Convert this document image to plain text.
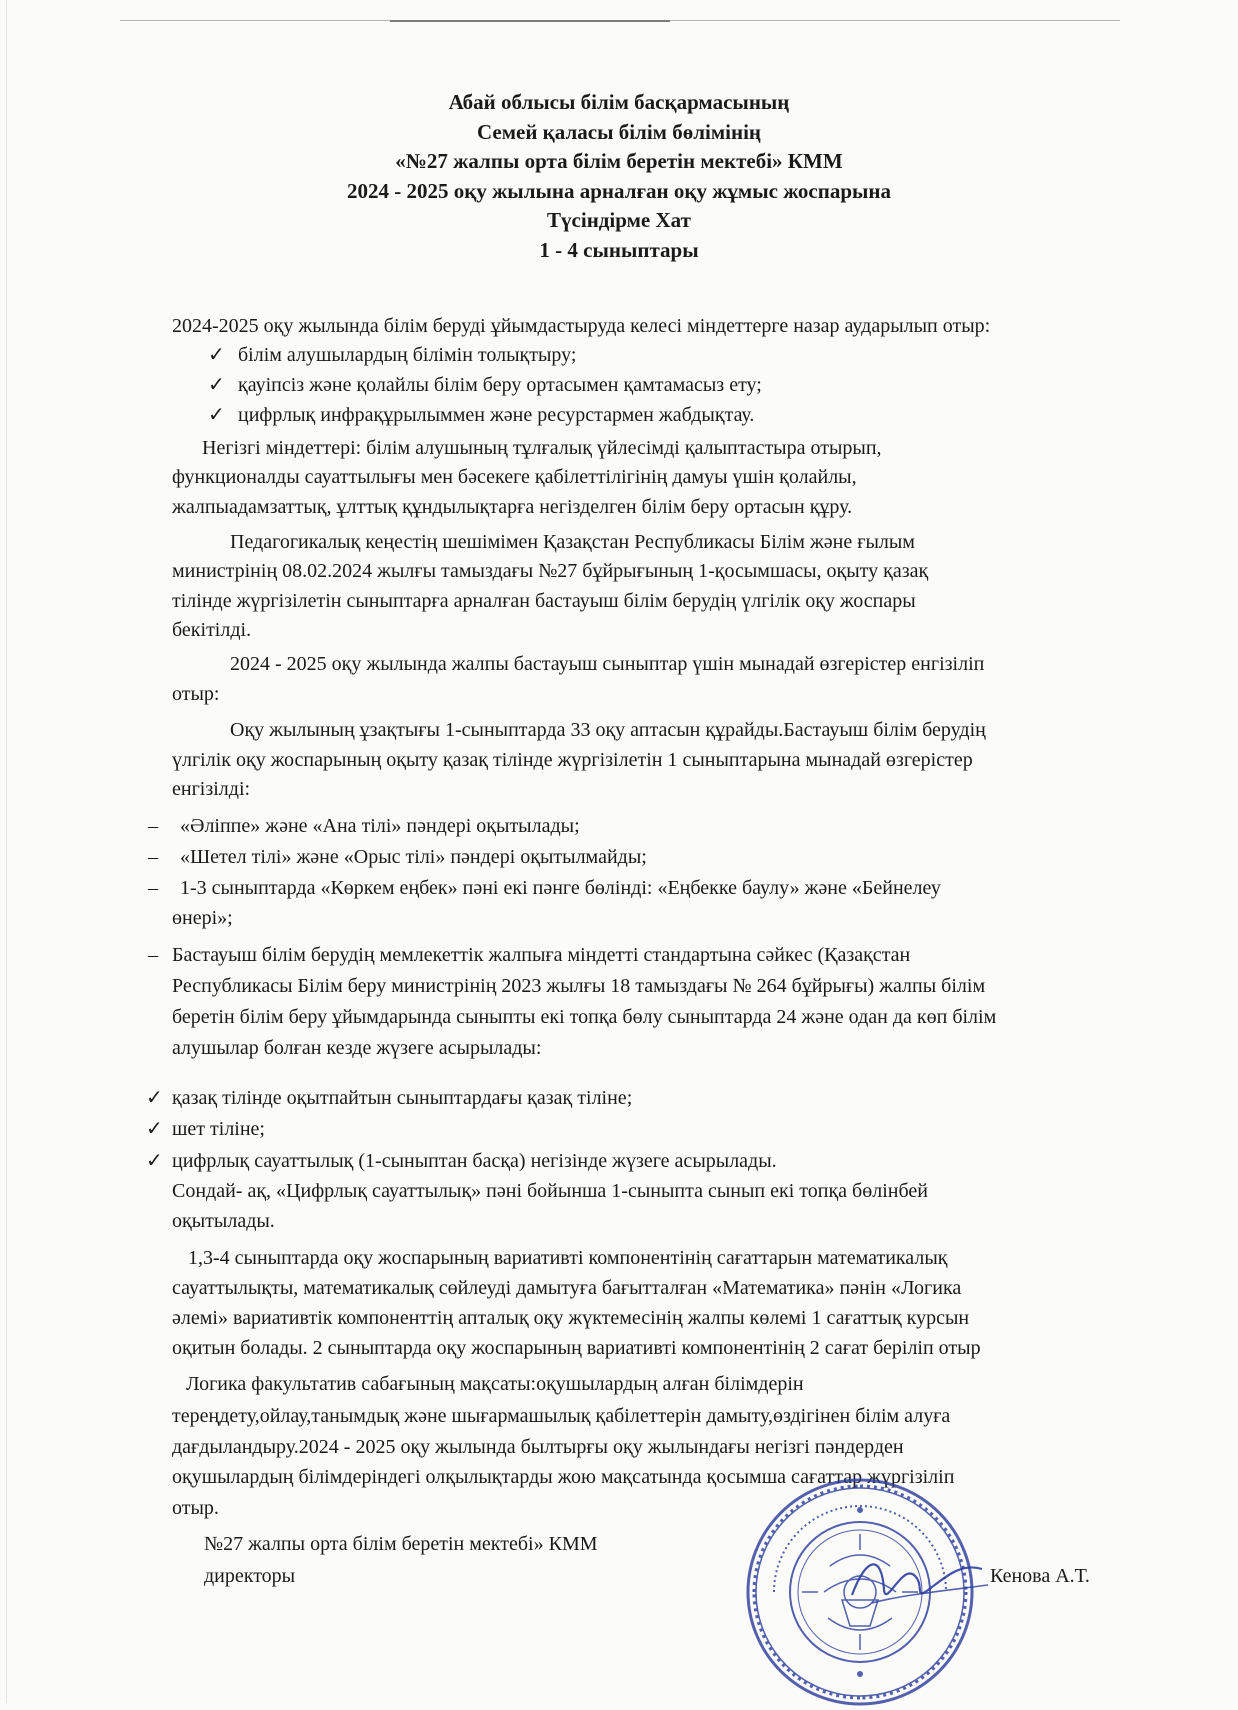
Абай облысы білім басқармасының
Семей қаласы білім бөлімінің
«№27 жалпы орта білім беретін мектебі» КММ
2024 - 2025 оқу жылына арналған оқу жұмыс жоспарына
Түсіндірме Хат
1 - 4 сыныптары
2024-2025 оқу жылында білім беруді ұйымдастыруда келесі міндеттерге назар аударылып отыр:
✓ білім алушылардың білімін толықтыру;
✓ қауіпсіз және қолайлы білім беру ортасымен қамтамасыз ету;
✓ цифрлық инфрақұрылыммен және ресурстармен жабдықтау.
Негізгі міндеттері: білім алушының тұлғалық үйлесімді қалыптастыра отырып,
функционалды сауаттылығы мен бәсекеге қабілеттілігінің дамуы үшін қолайлы,
жалпыадамзаттық, ұлттық құндылықтарға негізделген білім беру ортасын құру.
Педагогикалық кеңестің шешімімен Қазақстан Республикасы Білім және ғылым
министрінің 08.02.2024 жылғы тамыздағы №27 бұйрығының 1-қосымшасы, оқыту қазақ
тілінде жүргізілетін сыныптарға арналған бастауыш білім берудің үлгілік оқу жоспары
бекітілді.
2024 - 2025 оқу жылында жалпы бастауыш сыныптар үшін мынадай өзгерістер енгізіліп
отыр:
Оқу жылының ұзақтығы 1-сыныптарда 33 оқу аптасын құрайды.Бастауыш білім берудің
үлгілік оқу жоспарының оқыту қазақ тілінде жүргізілетін 1 сыныптарына мынадай өзгерістер
енгізілді:
– «Әліппе» және «Ана тілі» пәндері оқытылады;
– «Шетел тілі» және «Орыс тілі» пәндері оқытылмайды;
– 1-3 сыныптарда «Көркем еңбек» пәні екі пәнге бөлінді: «Еңбекке баулу» және «Бейнелеу
өнері»;
– Бастауыш білім берудің мемлекеттік жалпыға міндетті стандартына сәйкес (Қазақстан
Республикасы Білім беру министрінің 2023 жылғы 18 тамыздағы № 264 бұйрығы) жалпы білім
беретін білім беру ұйымдарында сыныпты екі топқа бөлу сыныптарда 24 және одан да көп білім
алушылар болған кезде жүзеге асырылады:
✓ қазақ тілінде оқытпайтын сыныптардағы қазақ тіліне;
✓ шет тіліне;
✓ цифрлық сауаттылық (1-сыныптан басқа) негізінде жүзеге асырылады.
Сондай- ақ, «Цифрлық сауаттылық» пәні бойынша 1-сыныпта сынып екі топқа бөлінбей
оқытылады.
1,3-4 сыныптарда оқу жоспарының вариативті компонентінің сағаттарын математикалық
сауаттылықты, математикалық сөйлеуді дамытуға бағытталған «Математика» пәнін «Логика
әлемі» вариативтік компоненттің апталық оқу жүктемесінің жалпы көлемі 1 сағаттық курсын
оқитын болады. 2 сыныптарда оқу жоспарының вариативті компонентінің 2 сағат беріліп отыр
Логика факультатив сабағының мақсаты:оқушылардың алған білімдерін
тереңдету,ойлау,танымдық және шығармашылық қабілеттерін дамыту,өздігінен білім алуға
дағдыландыру.2024 - 2025 оқу жылында былтырғы оқу жылындағы негізгі пәндерден
оқушылардың білімдеріндегі олқылықтарды жою мақсатында қосымша сағаттар жүргізіліп
отыр.
№27 жалпы орта білім беретін мектебі» КММ
директоры	Кенова А.Т.
